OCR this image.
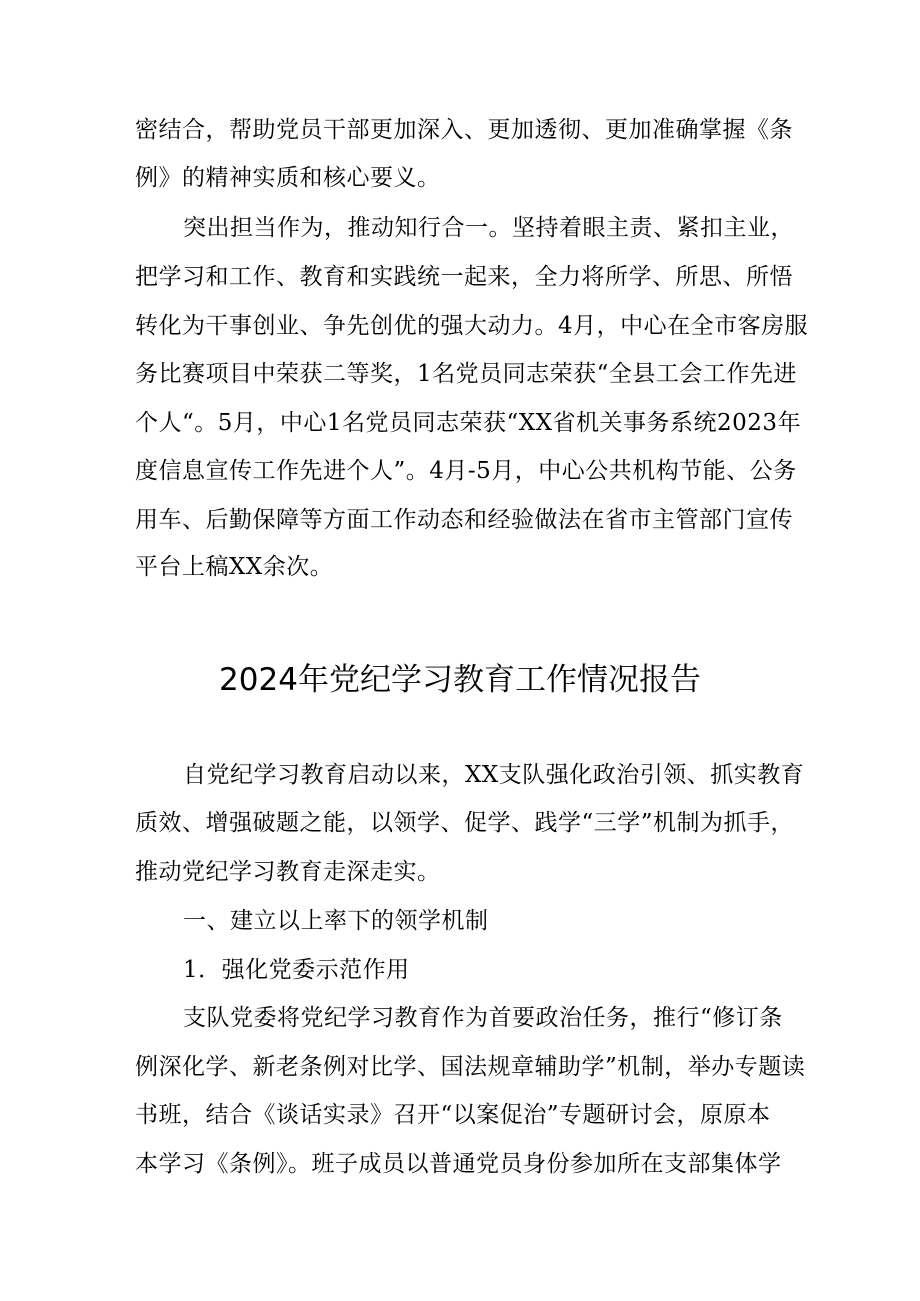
密结合，帮助党员干部更加深入、更加透彻、更加准确掌握《条
例》的精神实质和核心要义。
突出担当作为，推动知行合一。坚持着眼主责、紧扣主业，
把学习和工作、教育和实践统一起来，全力将所学、所思、所悟
转化为干事创业、争先创优的强大动力。4月，中心在全市客房服
务比赛项目中荣获二等奖，1名党员同志荣获“全县工会工作先进
个人“。5月，中心1名党员同志荣获“XX省机关事务系统2023年
度信息宣传工作先进个人”。4月-5月，中心公共机构节能、公务
用车、后勤保障等方面工作动态和经验做法在省市主管部门宣传
平台上稿XX余次。
2024年党纪学习教育工作情况报告
自党纪学习教育启动以来，XX支队强化政治引领、抓实教育
质效、增强破题之能，以领学、促学、践学“三学”机制为抓手，
推动党纪学习教育走深走实。
一、建立以上率下的领学机制
1．强化党委示范作用
支队党委将党纪学习教育作为首要政治任务，推行“修订条
例深化学、新老条例对比学、国法规章辅助学”机制，举办专题读
书班，结合《谈话实录》召开“以案促治”专题研讨会，原原本
本学习《条例》。班子成员以普通党员身份参加所在支部集体学
